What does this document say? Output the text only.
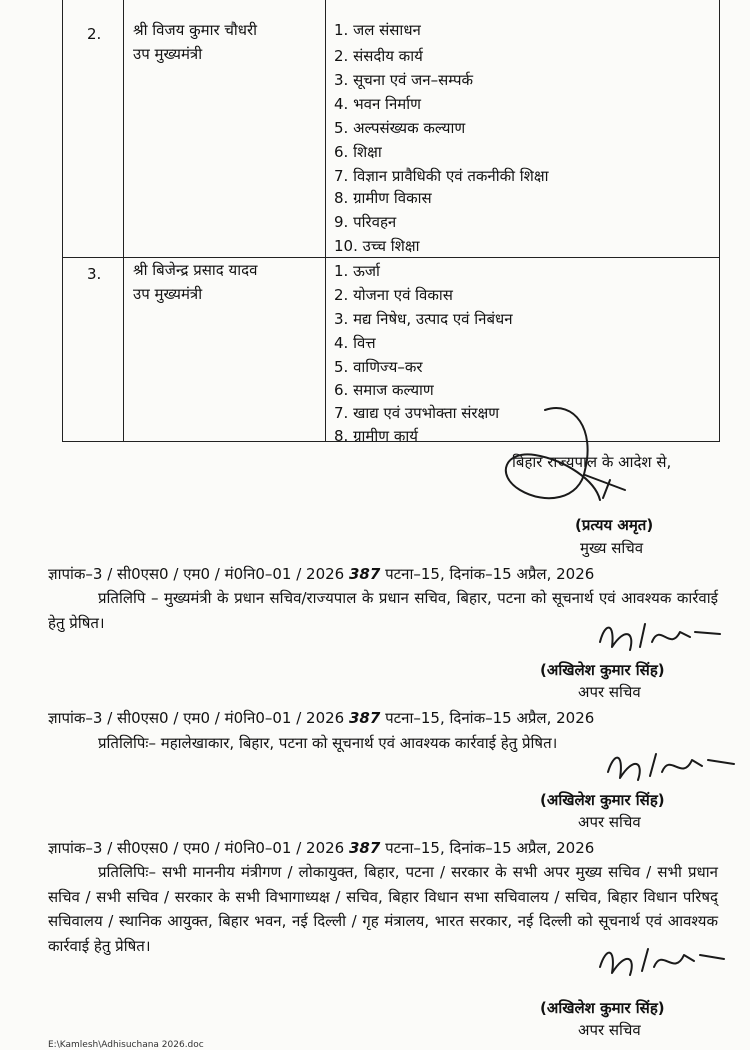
2. श्री विजय कुमार चौधरी
उप मुख्यमंत्री
1. जल संसाधन
2. संसदीय कार्य
3. सूचना एवं जन–सम्पर्क
4. भवन निर्माण
5. अल्पसंख्यक कल्याण
6. शिक्षा
7. विज्ञान प्रावैधिकी एवं तकनीकी शिक्षा
8. ग्रामीण विकास
9. परिवहन
10. उच्च शिक्षा
3. श्री बिजेन्द्र प्रसाद यादव
उप मुख्यमंत्री
1. ऊर्जा
2. योजना एवं विकास
3. मद्य निषेध, उत्पाद एवं निबंधन
4. वित्त
5. वाणिज्य–कर
6. समाज कल्याण
7. खाद्य एवं उपभोक्ता संरक्षण
8. ग्रामीण कार्य
बिहार राज्यपाल के आदेश से,
(प्रत्यय अमृत)
मुख्य सचिव
ज्ञापांक–3 / सी0एस0 / एम0 / मं0नि0–01 / 2026 387 पटना–15, दिनांक–15 अप्रैल, 2026
प्रतिलिपि – मुख्यमंत्री के प्रधान सचिव/राज्यपाल के प्रधान सचिव, बिहार, पटना को सूचनार्थ एवं आवश्यक कार्रवाई हेतु प्रेषित।
(अखिलेश कुमार सिंह)
अपर सचिव
ज्ञापांक–3 / सी0एस0 / एम0 / मं0नि0–01 / 2026 387 पटना–15, दिनांक–15 अप्रैल, 2026
प्रतिलिपिः– महालेखाकार, बिहार, पटना को सूचनार्थ एवं आवश्यक कार्रवाई हेतु प्रेषित।
(अखिलेश कुमार सिंह)
अपर सचिव
ज्ञापांक–3 / सी0एस0 / एम0 / मं0नि0–01 / 2026 387 पटना–15, दिनांक–15 अप्रैल, 2026
प्रतिलिपिः– सभी माननीय मंत्रीगण / लोकायुक्त, बिहार, पटना / सरकार के सभी अपर मुख्य सचिव / सभी प्रधान सचिव / सभी सचिव / सरकार के सभी विभागाध्यक्ष / सचिव, बिहार विधान सभा सचिवालय / सचिव, बिहार विधान परिषद् सचिवालय / स्थानिक आयुक्त, बिहार भवन, नई दिल्ली / गृह मंत्रालय, भारत सरकार, नई दिल्ली को सूचनार्थ एवं आवश्यक कार्रवाई हेतु प्रेषित।
(अखिलेश कुमार सिंह)
अपर सचिव
E:\Kamlesh\Adhisuchana 2026.doc
